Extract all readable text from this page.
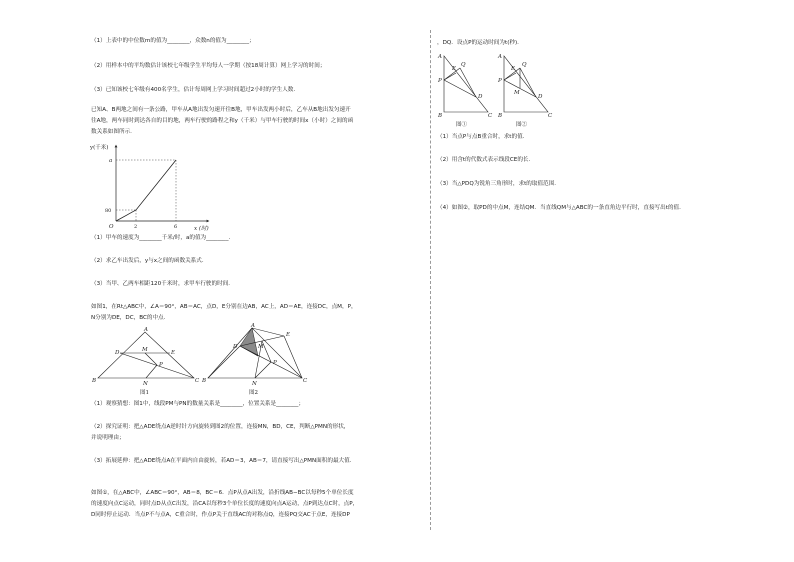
（1）上表中的中位数m的值为________，众数n的值为________；
（2）用样本中的平均数估计该校七年级学生平均每人一学期（按18周计算）网上学习的时间；
（3）已知该校七年级有400名学生，估计每周网上学习时间超过2小时的学生人数.
已知A、B两地之间有一条公路，甲车从A地出发匀速开往B地，甲车出发两小时后，乙车从B地出发匀速开
往A地，两车同时到达各自的目的地，两车行驶的路程之和y（千米）与甲车行驶的时间x（小时）之间的函
数关系如图所示.
y(千米)
x (时)
a
80
O	2	6
（1）甲车的速度为________千米/时，a的值为________.
（2）求乙车出发后，y与x之间的函数关系式.
（3）当甲、乙两车相距120千米时，求甲车行驶的时间.
如图1，在Rt△ABC中，∠A＝90°，AB＝AC，点D，E分别在边AB，AC上，AD＝AE，连接DC，点M，P，
N分别为DE，DC，BC的中点.
A
B	C
D	E
M
P
N
图1
A
B	C
D
E
M
P
N
图2
（1）观察猜想：图1中，线段PM与PN的数量关系是________，位置关系是________；
（2）探究证明：把△ADE绕点A逆时针方向旋转到图2的位置，连接MN，BD，CE，判断△PMN的形状，
并说明理由；
（3）拓展延伸：把△ADE绕点A在平面内自由旋转，若AD＝3，AB＝7，请直接写出△PMN面积的最大值.
如图①，在△ABC中，∠ABC＝90°，AB＝8，BC＝6．点P从点A出发，沿折线AB−BC以每秒5个单位长度
的速度向点C运动，同时点D从点C出发，沿CA以每秒3个单位长度的速度向点A运动，点P到达点C时，点P，
D同时停止运动．当点P不与点A，C重合时，作点P关于直线AC的对称点Q，连接PQ交AC于点E，连接DP
，DQ．设点P的运动时间为t(秒).
A
B	C
D
E
P
Q
图①
A
B	C
D
E
P
Q
M
图②
（1）当点P与点B重合时，求t的值.
（2）用含t的代数式表示线段CE的长.
（3）当△PDQ为锐角三角形时，求t的取值范围.
（4）如图②，取PD的中点M，连结QM．当直线QM与△ABC的一条直角边平行时，直接写出t的值.
